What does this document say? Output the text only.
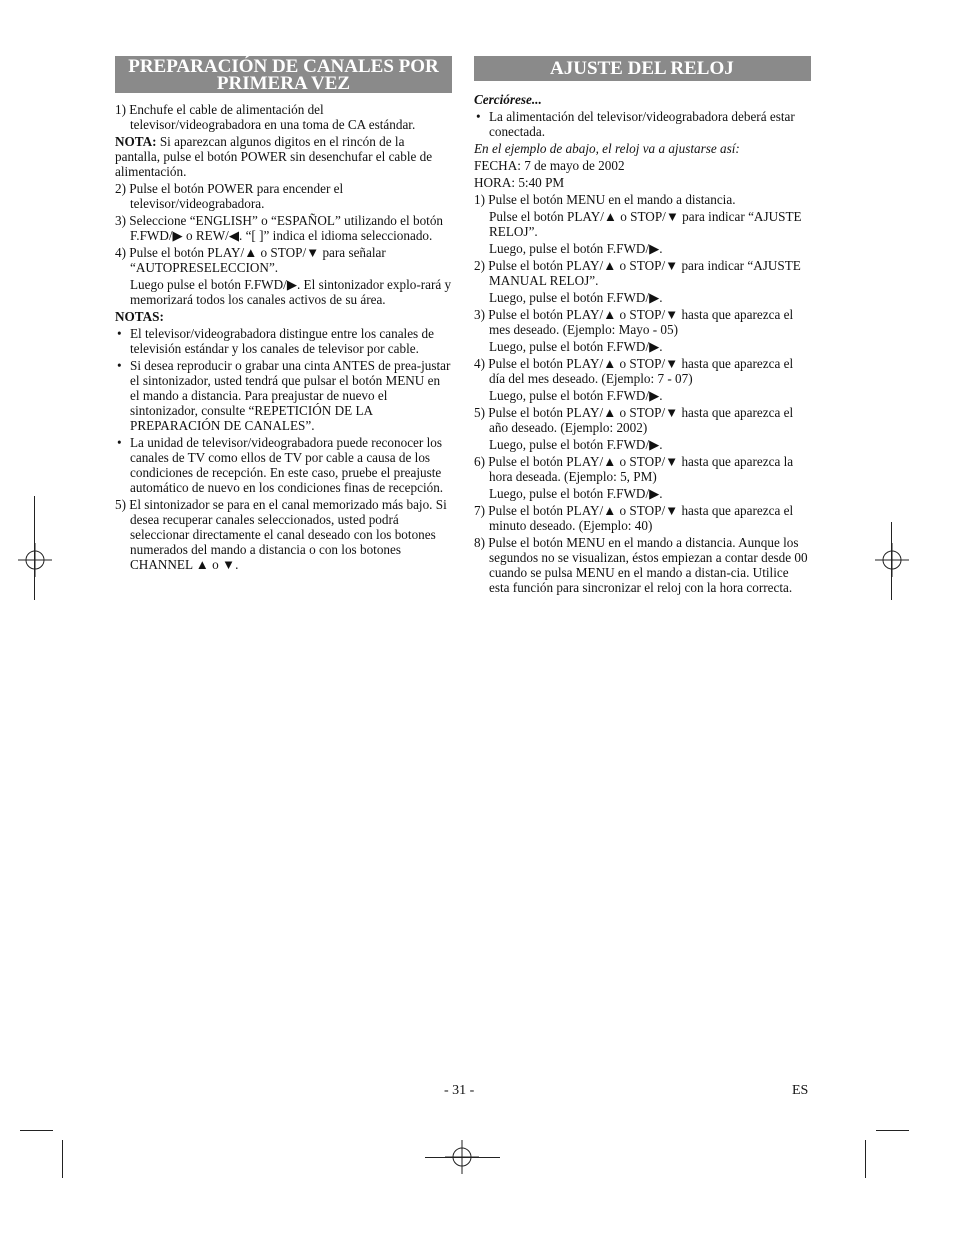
PREPARACIÓN DE CANALES POR PRIMERA VEZ

1) Enchufe el cable de alimentación del televisor/videograbadora en una toma de CA estándar.

NOTA: Si aparezcan algunos digitos en el rincón de la pantalla, pulse el botón POWER sin desenchufar el cable de alimentación.

2) Pulse el botón POWER para encender el televisor/videograbadora.

3) Seleccione “ENGLISH” o “ESPAÑOL” utilizando el botón F.FWD/▶ o REW/◀. “[ ]” indica el idioma seleccionado.

4) Pulse el botón PLAY/▲ o STOP/▼ para señalar “AUTOPRESELECCION”.

Luego pulse el botón F.FWD/▶. El sintonizador explo-rará y memorizará todos los canales activos de su área.

NOTAS:

• El televisor/videograbadora distingue entre los canales de televisión estándar y los canales de televisor por cable.

• Si desea reproducir o grabar una cinta ANTES de prea-justar el sintonizador, usted tendrá que pulsar el botón MENU en el mando a distancia. Para preajustar de nuevo el sintonizador, consulte “REPETICIÓN DE LA PREPARACIÓN DE CANALES”.

• La unidad de televisor/videograbadora puede reconocer los canales de TV como ellos de TV por cable a causa de los condiciones de recepción. En este caso, pruebe el preajuste automático de nuevo en los condiciones finas de recepción.

5) El sintonizador se para en el canal memorizado más bajo. Si desea recuperar canales seleccionados, usted podrá seleccionar directamente el canal deseado con los botones numerados del mando a distancia o con los botones CHANNEL ▲ o ▼.

AJUSTE DEL RELOJ

Cerciórese...

• La alimentación del televisor/videograbadora deberá estar conectada.

En el ejemplo de abajo, el reloj va a ajustarse así:

FECHA: 7 de mayo de 2002

HORA: 5:40 PM

1) Pulse el botón MENU en el mando a distancia.

Pulse el botón PLAY/▲ o STOP/▼ para indicar “AJUSTE RELOJ”.

Luego, pulse el botón F.FWD/▶.

2) Pulse el botón PLAY/▲ o STOP/▼ para indicar “AJUSTE MANUAL RELOJ”.

Luego, pulse el botón F.FWD/▶.

3) Pulse el botón PLAY/▲ o STOP/▼ hasta que aparezca el mes deseado. (Ejemplo: Mayo - 05)

Luego, pulse el botón F.FWD/▶.

4) Pulse el botón PLAY/▲ o STOP/▼ hasta que aparezca el día del mes deseado. (Ejemplo: 7 - 07)

Luego, pulse el botón F.FWD/▶.

5) Pulse el botón PLAY/▲ o STOP/▼ hasta que aparezca el año deseado. (Ejemplo: 2002)

Luego, pulse el botón F.FWD/▶.

6) Pulse el botón PLAY/▲ o STOP/▼ hasta que aparezca la hora deseada. (Ejemplo: 5, PM)

Luego, pulse el botón F.FWD/▶.

7) Pulse el botón PLAY/▲ o STOP/▼ hasta que aparezca el minuto deseado. (Ejemplo: 40)

8) Pulse el botón MENU en el mando a distancia. Aunque los segundos no se visualizan, éstos empiezan a contar desde 00 cuando se pulsa MENU en el mando a distan-cia. Utilice esta función para sincronizar el reloj con la hora correcta.

- 31 -	ES
